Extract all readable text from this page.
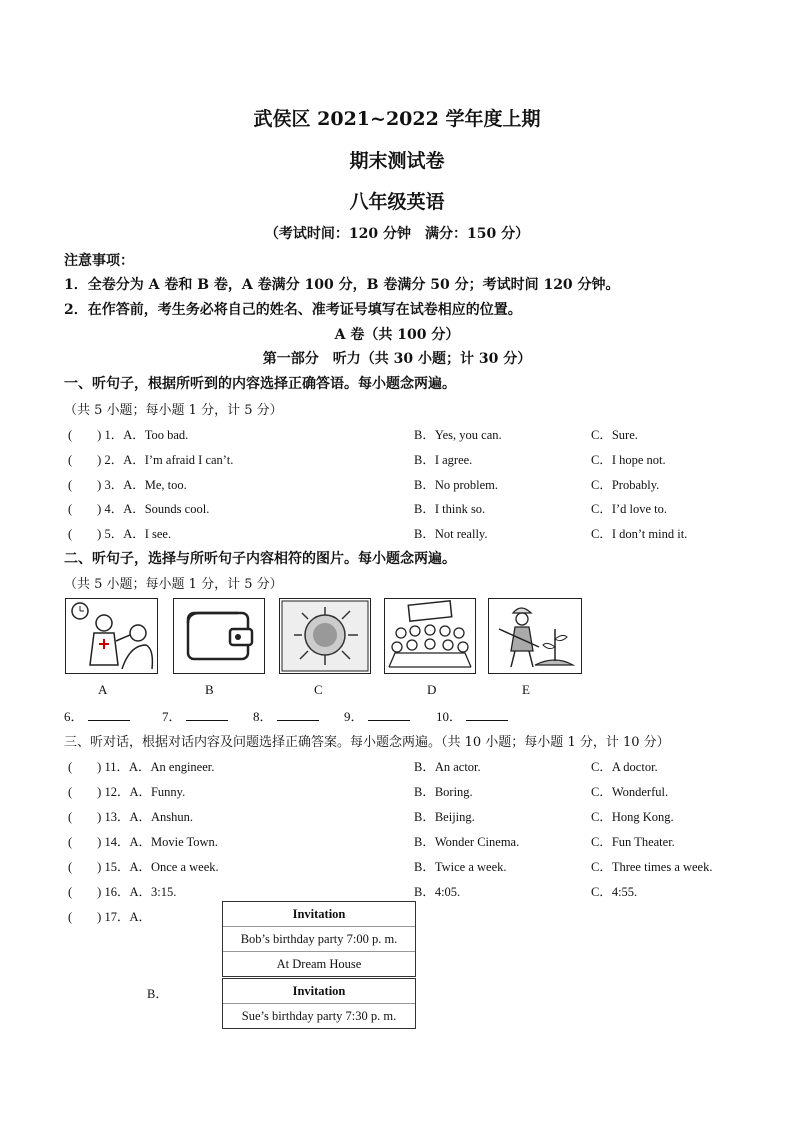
武侯区 2021~2022 学年度上期
期末测试卷
八年级英语
（考试时间：120 分钟　满分：150 分）
注意事项：
1．全卷分为 A 卷和 B 卷，A 卷满分 100 分，B 卷满分 50 分；考试时间 120 分钟。
2．在作答前，考生务必将自己的姓名、准考证号填写在试卷相应的位置。
A 卷（共 100 分）
第一部分　听力（共 30 小题；计 30 分）
一、听句子，根据所听到的内容选择正确答语。每小题念两遍。
（共 5 小题；每小题 1 分，计 5 分）
(　　) 1．A．Too bad.	B．Yes, you can.	C．Sure.
(　　) 2．A．I’m afraid I can’t.	B．I agree.	C．I hope not.
(　　) 3．A．Me, too.	B．No problem.	C．Probably.
(　　) 4．A．Sounds cool.	B．I think so.	C．I’d love to.
(　　) 5．A．I see.	B．Not really.	C．I don’t mind it.
二、听句子，选择与所听句子内容相符的图片。每小题念两遍。
（共 5 小题；每小题 1 分，计 5 分）
A	B	C	D	E
6．	7．	8．	9．	10．
三、听对话，根据对话内容及问题选择正确答案。每小题念两遍。（共 10 小题；每小题 1 分，计 10 分）
(　　) 11．A．An engineer.	B．An actor.	C．A doctor.
(　　) 12．A．Funny.	B．Boring.	C．Wonderful.
(　　) 13．A．Anshun.	B．Beijing.	C．Hong Kong.
(　　) 14．A．Movie Town.	B．Wonder Cinema.	C．Fun Theater.
(　　) 15．A．Once a week.	B．Twice a week.	C．Three times a week.
(　　) 16．A．3:15.	B．4:05.	C．4:55.
(　　) 17．A．	Invitation
Bob’s birthday party 7:00 p. m.
At Dream House
B．	Invitation
Sue’s birthday party 7:30 p. m.
